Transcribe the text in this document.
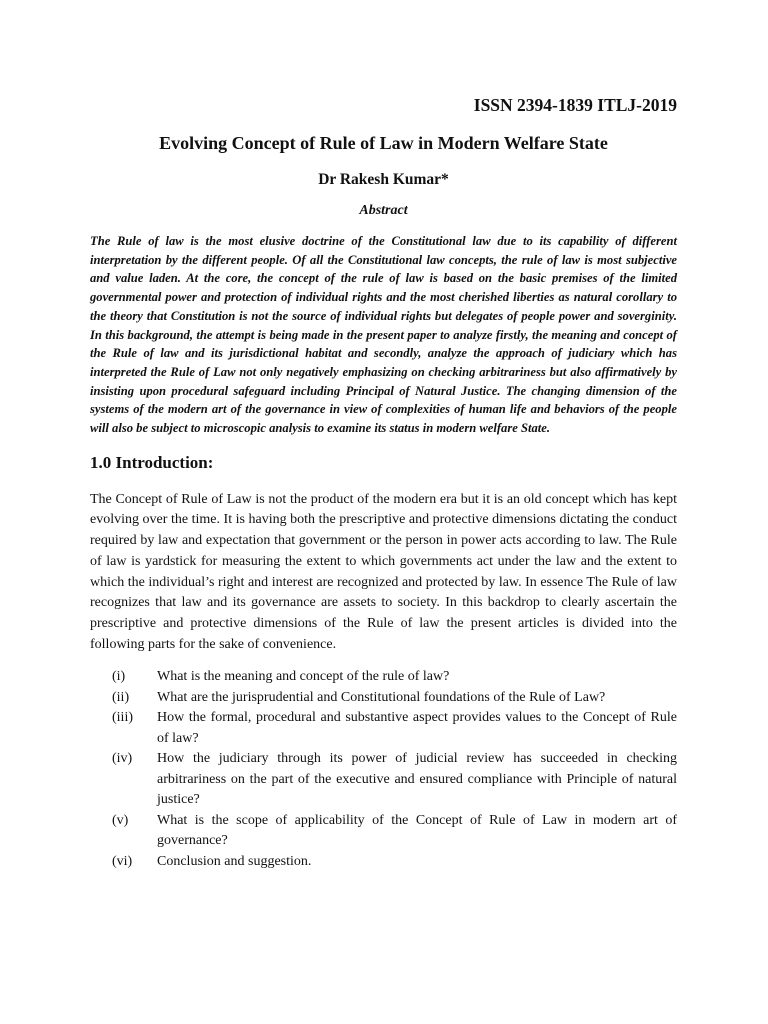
ISSN 2394-1839 ITLJ-2019
Evolving Concept of Rule of Law in Modern Welfare State
Dr Rakesh Kumar*
Abstract

The Rule of law is the most elusive doctrine of the Constitutional law due to its capability of different interpretation by the different people. Of all the Constitutional law concepts, the rule of law is most subjective and value laden. At the core, the concept of the rule of law is based on the basic premises of the limited governmental power and protection of individual rights and the most cherished liberties as natural corollary to the theory that Constitution is not the source of individual rights but delegates of people power and soverginity. In this background, the attempt is being made in the present paper to analyze firstly, the meaning and concept of the Rule of law and its jurisdictional habitat and secondly, analyze the approach of judiciary which has interpreted the Rule of Law not only negatively emphasizing on checking arbitrariness but also affirmatively by insisting upon procedural safeguard including Principal of Natural Justice. The changing dimension of the systems of the modern art of the governance in view of complexities of human life and behaviors of the people will also be subject to microscopic analysis to examine its status in modern welfare State.

1.0 Introduction:

The Concept of Rule of Law is not the product of the modern era but it is an old concept which has kept evolving over the time. It is having both the prescriptive and protective dimensions dictating the conduct required by law and expectation that government or the person in power acts according to law. The Rule of law is yardstick for measuring the extent to which governments act under the law and the extent to which the individual’s right and interest are recognized and protected by law. In essence The Rule of law recognizes that law and its governance are assets to society. In this backdrop to clearly ascertain the prescriptive and protective dimensions of the Rule of law the present articles is divided into the following parts for the sake of convenience.

(i)	What is the meaning and concept of the rule of law?
(ii)	What are the jurisprudential and Constitutional foundations of the Rule of Law?
(iii)	How the formal, procedural and substantive aspect provides values to the Concept of Rule of law?
(iv)	How the judiciary through its power of judicial review has succeeded in checking arbitrariness on the part of the executive and ensured compliance with Principle of natural justice?
(v)	What is the scope of applicability of the Concept of Rule of Law in modern art of governance?
(vi)	Conclusion and suggestion.
